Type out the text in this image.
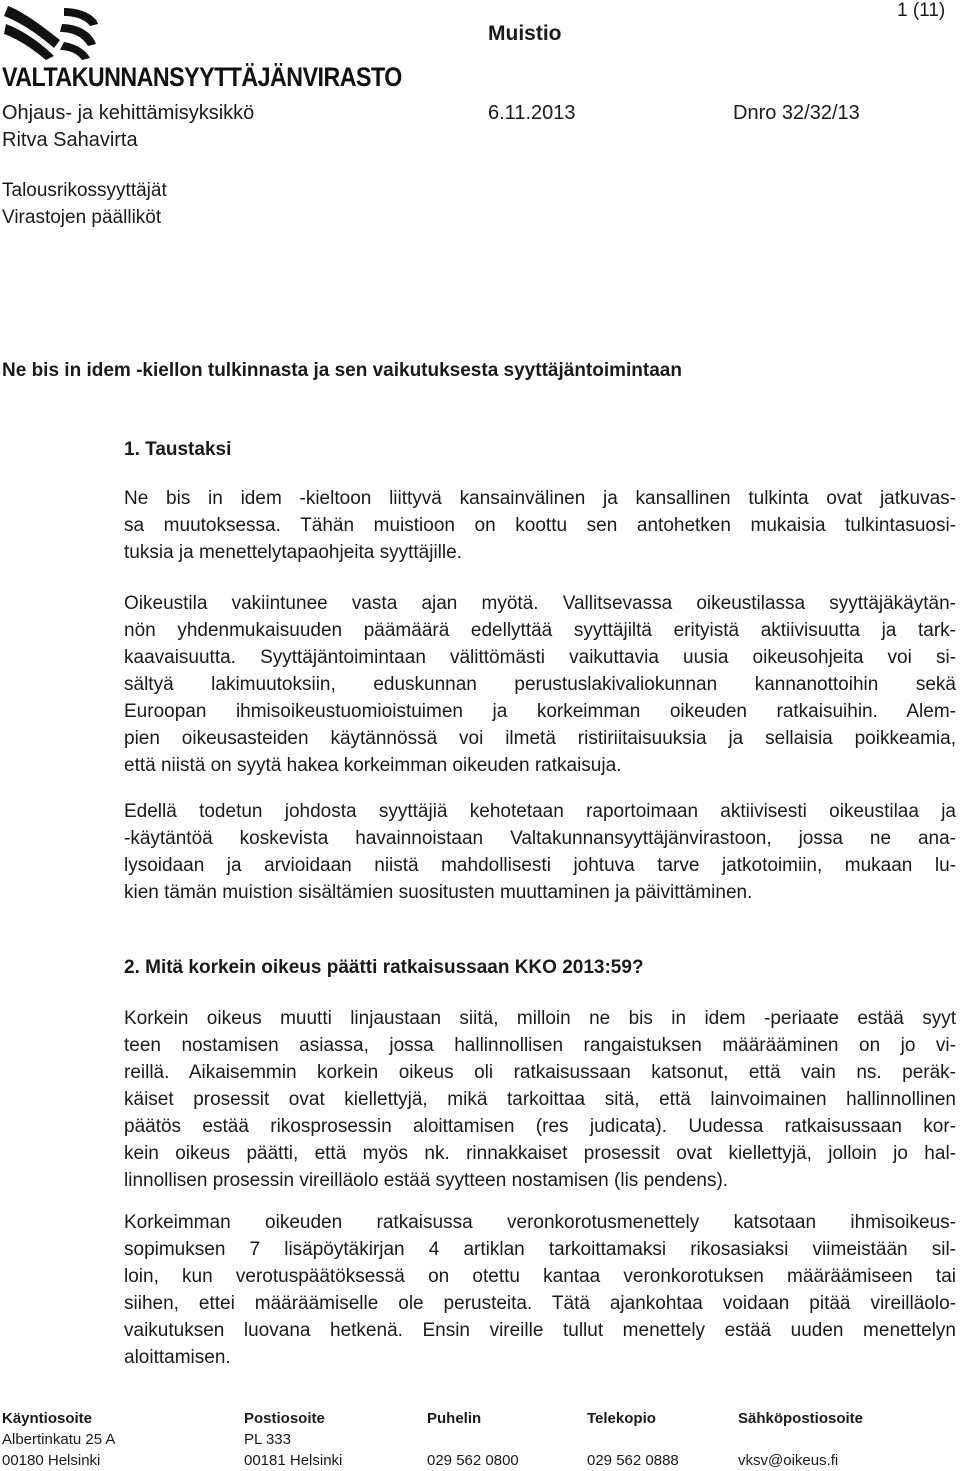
VALTAKUNNANSYYTTÄJÄNVIRASTO
Muistio
1 (11)
Ohjaus- ja kehittämisyksikkö	6.11.2013	Dnro 32/32/13
Ritva Sahavirta
Talousrikossyyttäjät
Virastojen päälliköt
Ne bis in idem -kiellon tulkinnasta ja sen vaikutuksesta syyttäjäntoimintaan
1. Taustaksi
Ne bis in idem -kieltoon liittyvä kansainvälinen ja kansallinen tulkinta ovat jatkuvas-
sa muutoksessa. Tähän muistioon on koottu sen antohetken mukaisia tulkintasuosi-
tuksia ja menettelytapaohjeita syyttäjille.
Oikeustila vakiintunee vasta ajan myötä. Vallitsevassa oikeustilassa syyttäjäkäytän-
nön yhdenmukaisuuden päämäärä edellyttää syyttäjiltä erityistä aktiivisuutta ja tark-
kaavaisuutta. Syyttäjäntoimintaan välittömästi vaikuttavia uusia oikeusohjeita voi si-
sältyä lakimuutoksiin, eduskunnan perustuslakivaliokunnan kannanottoihin sekä
Euroopan ihmisoikeustuomioistuimen ja korkeimman oikeuden ratkaisuihin. Alem-
pien oikeusasteiden käytännössä voi ilmetä ristiriitaisuuksia ja sellaisia poikkeamia,
että niistä on syytä hakea korkeimman oikeuden ratkaisuja.
Edellä todetun johdosta syyttäjiä kehotetaan raportoimaan aktiivisesti oikeustilaa ja
-käytäntöä koskevista havainnoistaan Valtakunnansyyttäjänvirastoon, jossa ne ana-
lysoidaan ja arvioidaan niistä mahdollisesti johtuva tarve jatkotoimiin, mukaan lu-
kien tämän muistion sisältämien suositusten muuttaminen ja päivittäminen.
2. Mitä korkein oikeus päätti ratkaisussaan KKO 2013:59?
Korkein oikeus muutti linjaustaan siitä, milloin ne bis in idem -periaate estää syyt
teen nostamisen asiassa, jossa hallinnollisen rangaistuksen määrääminen on jo vi-
reillä. Aikaisemmin korkein oikeus oli ratkaisussaan katsonut, että vain ns. peräk-
käiset prosessit ovat kiellettyjä, mikä tarkoittaa sitä, että lainvoimainen hallinnollinen
päätös estää rikosprosessin aloittamisen (res judicata). Uudessa ratkaisussaan kor-
kein oikeus päätti, että myös nk. rinnakkaiset prosessit ovat kiellettyjä, jolloin jo hal-
linnollisen prosessin vireilläolo estää syytteen nostamisen (lis pendens).
Korkeimman oikeuden ratkaisussa veronkorotusmenettely katsotaan ihmisoikeus-
sopimuksen 7 lisäpöytäkirjan 4 artiklan tarkoittamaksi rikosasiaksi viimeistään sil-
loin, kun verotuspäätöksessä on otettu kantaa veronkorotuksen määräämiseen tai
siihen, ettei määräämiselle ole perusteita. Tätä ajankohtaa voidaan pitää vireilläolo-
vaikutuksen luovana hetkenä. Ensin vireille tullut menettely estää uuden menettelyn
aloittamisen.
Käyntiosoite
Albertinkatu 25 A
00180 Helsinki
Postiosoite
PL 333
00181 Helsinki
Puhelin

029 562 0800
Telekopio

029 562 0888
Sähköpostiosoite

vksv@oikeus.fi
